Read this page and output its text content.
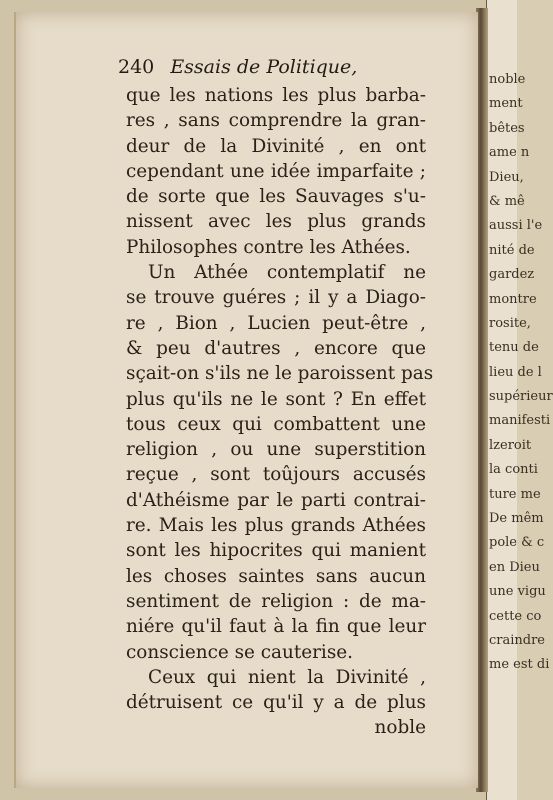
noble
ment
bêtes
ame n
Dieu,
& mê
aussi l'e
nité de
gardez
montre
rosite,
tenu de
lieu de l
supérieur
manifesti
lzeroit
la conti
ture me
De mêm
pole & c
en Dieu
une vigu
cette co
craindre
me est di
240 Essais de Politique,
que les nations les plus barba-
res , sans comprendre la gran-
deur de la Divinité , en ont
cependant une idée imparfaite ;
de sorte que les Sauvages s'u-
nissent avec les plus grands
Philosophes contre les Athées.
Un Athée contemplatif ne
se trouve guéres ; il y a Diago-
re , Bion , Lucien peut-être ,
& peu d'autres , encore que
sçait-on s'ils ne le paroissent pas
plus qu'ils ne le sont ? En effet
tous ceux qui combattent une
religion , ou une superstition
reçue , sont toûjours accusés
d'Athéisme par le parti contrai-
re. Mais les plus grands Athées
sont les hipocrites qui manient
les choses saintes sans aucun
sentiment de religion : de ma-
niére qu'il faut à la fin que leur
conscience se cauterise.
Ceux qui nient la Divinité ,
détruisent ce qu'il y a de plus
noble
